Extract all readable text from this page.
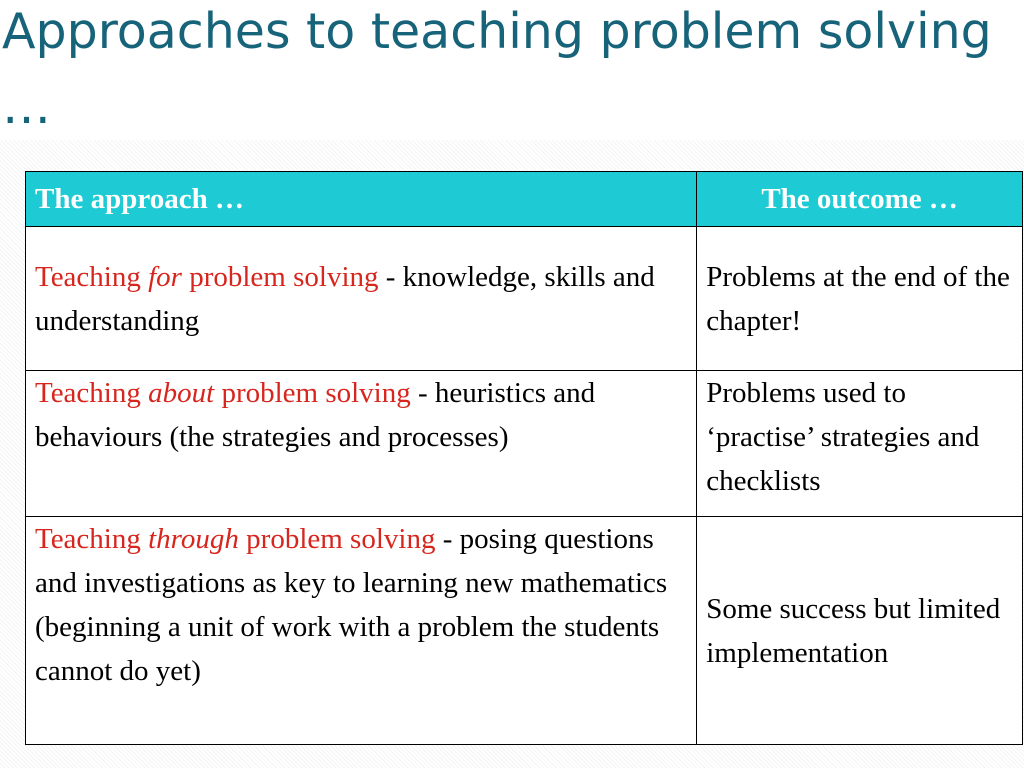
Approaches to teaching problem solving …
The approach …	The outcome …
Teaching for problem solving - knowledge, skills and understanding	Problems at the end of the chapter!
Teaching about problem solving - heuristics and behaviours (the strategies and processes)	Problems used to ‘practise’ strategies and checklists
Teaching through problem solving - posing questions and investigations as key to learning new mathematics (beginning a unit of work with a problem the students cannot do yet)	Some success but limited implementation
